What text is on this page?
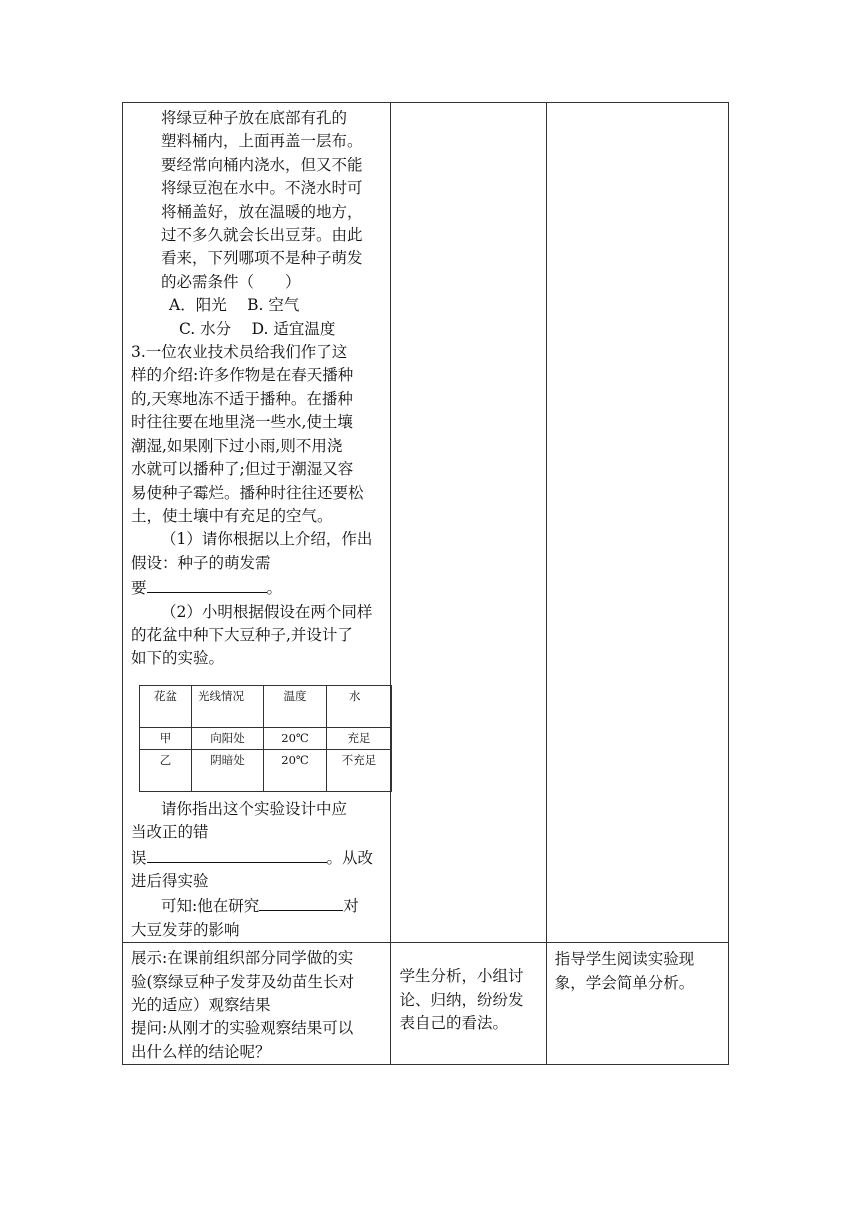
将绿豆种子放在底部有孔的
塑料桶内，上面再盖一层布。
要经常向桶内浇水，但又不能
将绿豆泡在水中。不浇水时可
将桶盖好，放在温暖的地方，
过不多久就会长出豆芽。由此
看来，下列哪项不是种子萌发
的必需条件（　　）
A．阳光　 B. 空气
C. 水分　 D. 适宜温度
3.一位农业技术员给我们作了这
样的介绍:许多作物是在春天播种
的,天寒地冻不适于播种。在播种
时往往要在地里浇一些水,使土壤
潮湿,如果刚下过小雨,则不用浇
水就可以播种了;但过于潮湿又容
易使种子霉烂。播种时往往还要松
土，使土壤中有充足的空气。
（1）请你根据以上介绍，作出
假设：种子的萌发需
要	。
（2）小明根据假设在两个同样
的花盆中种下大豆种子,并设计了
如下的实验。
花盆	光线情况	温度	水
甲	向阳处	20℃	充足
乙	阴暗处	20℃	不充足
请你指出这个实验设计中应
当改正的错
误	。从改
进后得实验
可知:他在研究	对
大豆发芽的影响

展示:在课前组织部分同学做的实
验(察绿豆种子发芽及幼苗生长对
光的适应）观察结果
提问:从刚才的实验观察结果可以
出什么样的结论呢？

学生分析，小组讨
论、归纳，纷纷发
表自己的看法。

指导学生阅读实验现
象，学会简单分析。
